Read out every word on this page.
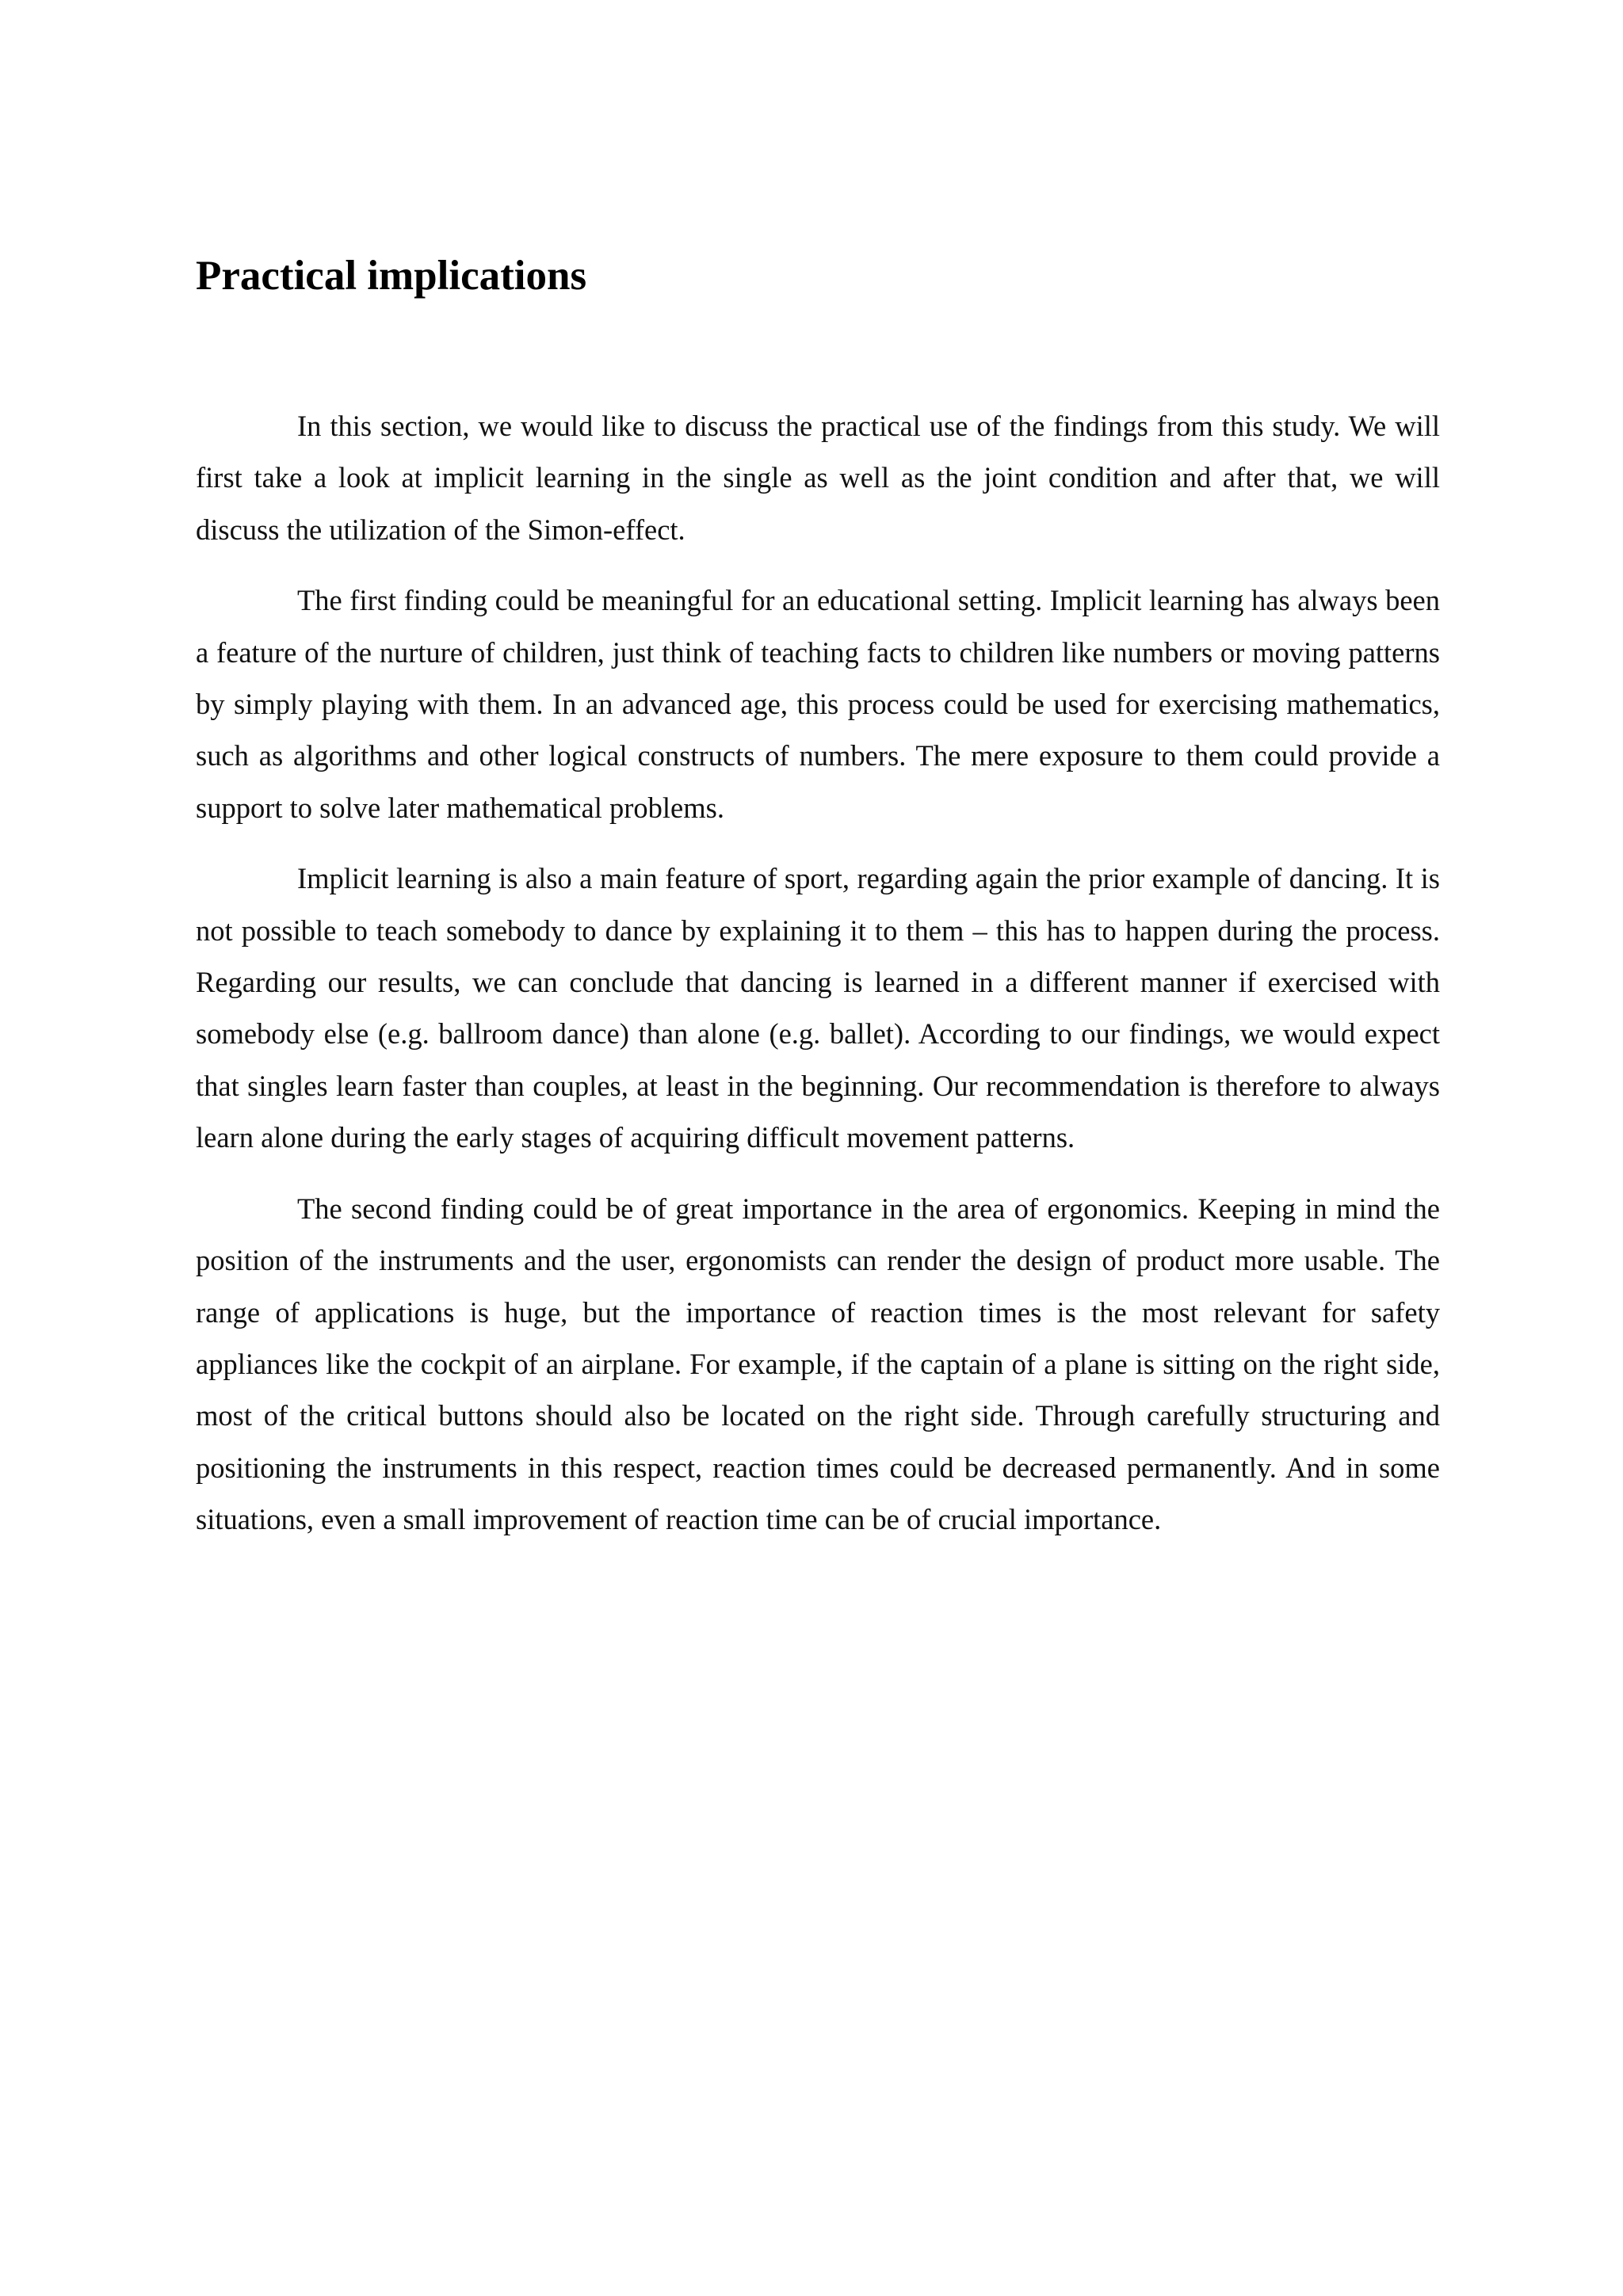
Practical implications

In this section, we would like to discuss the practical use of the findings from this study. We will first take a look at implicit learning in the single as well as the joint condition and after that, we will discuss the utilization of the Simon-effect.

The first finding could be meaningful for an educational setting. Implicit learning has always been a feature of the nurture of children, just think of teaching facts to children like numbers or moving patterns by simply playing with them. In an advanced age, this process could be used for exercising mathematics, such as algorithms and other logical constructs of numbers. The mere exposure to them could provide a support to solve later mathematical problems.

Implicit learning is also a main feature of sport, regarding again the prior example of dancing. It is not possible to teach somebody to dance by explaining it to them – this has to happen during the process. Regarding our results, we can conclude that dancing is learned in a different manner if exercised with somebody else (e.g. ballroom dance) than alone (e.g. ballet). According to our findings, we would expect that singles learn faster than couples, at least in the beginning. Our recommendation is therefore to always learn alone during the early stages of acquiring difficult movement patterns.

The second finding could be of great importance in the area of ergonomics. Keeping in mind the position of the instruments and the user, ergonomists can render the design of product more usable. The range of applications is huge, but the importance of reaction times is the most relevant for safety appliances like the cockpit of an airplane. For example, if the captain of a plane is sitting on the right side, most of the critical buttons should also be located on the right side. Through carefully structuring and positioning the instruments in this respect, reaction times could be decreased permanently. And in some situations, even a small improvement of reaction time can be of crucial importance.
